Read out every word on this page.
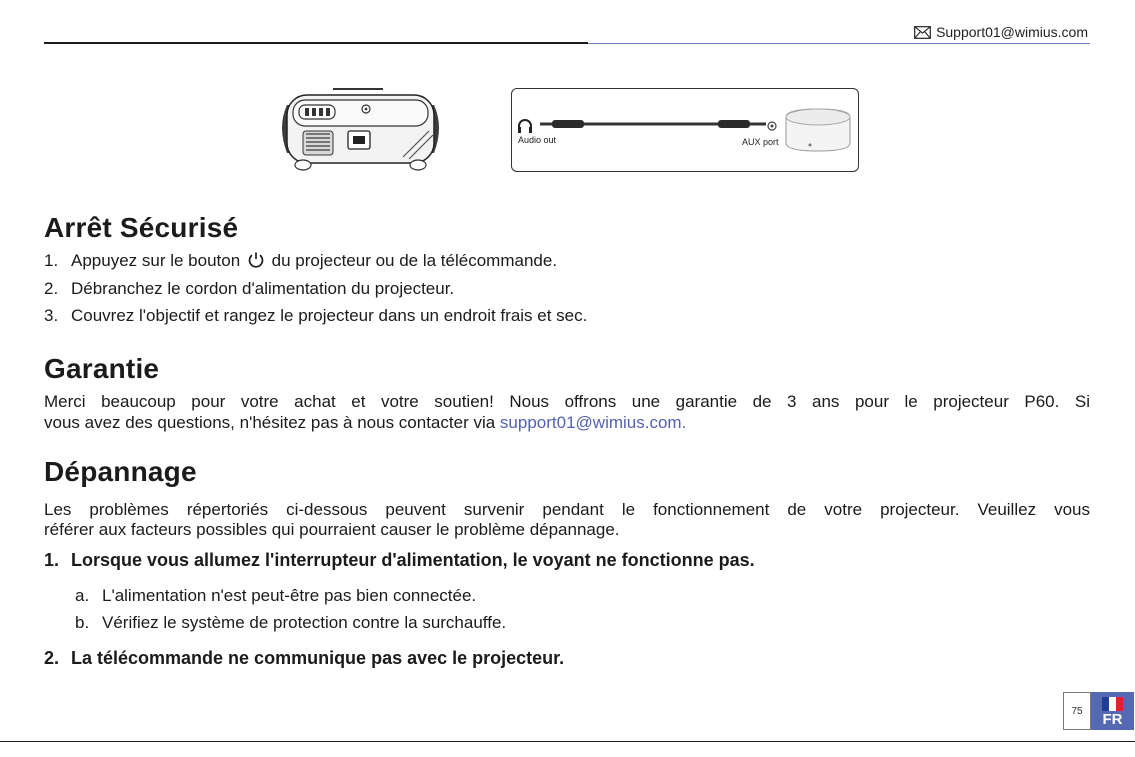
Support01@wimius.com
Audio out	AUX port
Arrêt Sécurisé
1. Appuyez sur le bouton du projecteur ou de la télécommande.
2. Débranchez le cordon d'alimentation du projecteur.
3. Couvrez l'objectif et rangez le projecteur dans un endroit frais et sec.
Garantie
Merci beaucoup pour votre achat et votre soutien! Nous offrons une garantie de 3 ans pour le projecteur P60. Si
vous avez des questions, n'hésitez pas à nous contacter via support01@wimius.com.
Dépannage
Les problèmes répertoriés ci-dessous peuvent survenir pendant le fonctionnement de votre projecteur. Veuillez vous
référer aux facteurs possibles qui pourraient causer le problème dépannage.
1. Lorsque vous allumez l'interrupteur d'alimentation, le voyant ne fonctionne pas.
a. L'alimentation n'est peut-être pas bien connectée.
b. Vérifiez le système de protection contre la surchauffe.
2. La télécommande ne communique pas avec le projecteur.
75	FR
